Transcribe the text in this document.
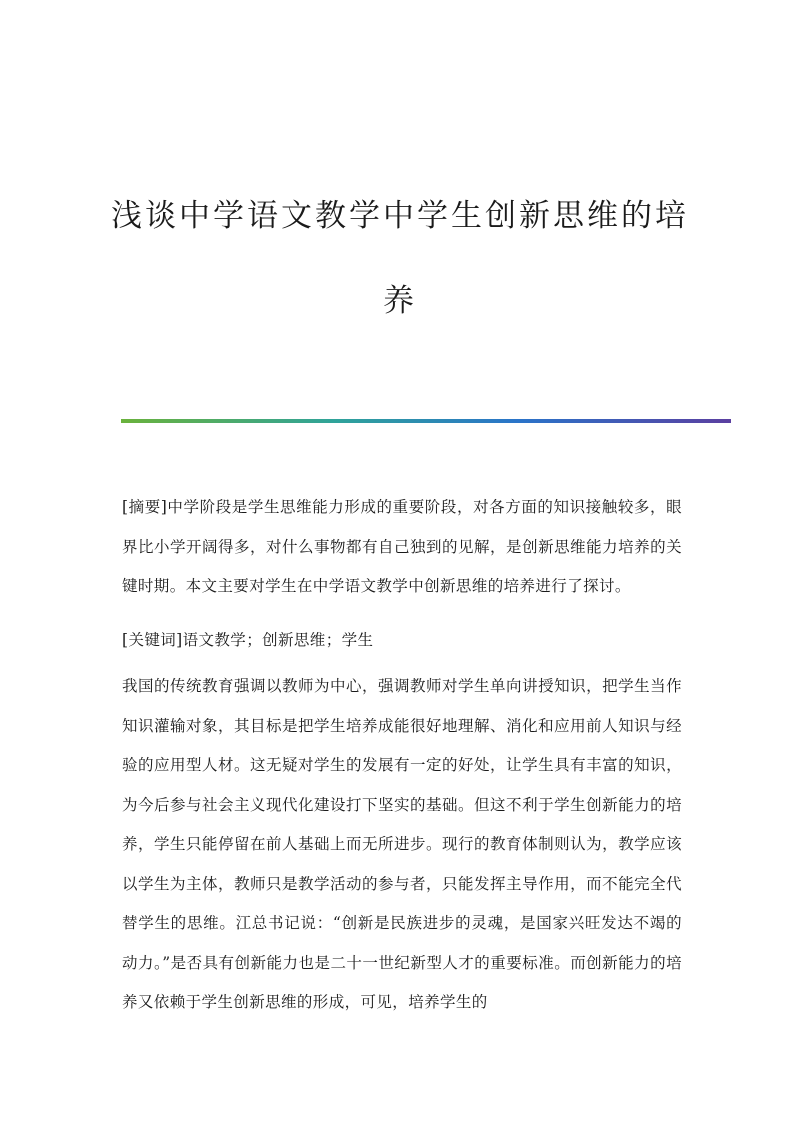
浅谈中学语文教学中学生创新思维的培
养
[摘要]中学阶段是学生思维能力形成的重要阶段，对各方面的知识接触较多，眼界比小学开阔得多，对什么事物都有自己独到的见解，是创新思维能力培养的关键时期。本文主要对学生在中学语文教学中创新思维的培养进行了探讨。
[关键词]语文教学；创新思维；学生
我国的传统教育强调以教师为中心，强调教师对学生单向讲授知识，把学生当作知识灌输对象，其目标是把学生培养成能很好地理解、消化和应用前人知识与经验的应用型人材。这无疑对学生的发展有一定的好处，让学生具有丰富的知识，为今后参与社会主义现代化建设打下坚实的基础。但这不利于学生创新能力的培养，学生只能停留在前人基础上而无所进步。现行的教育体制则认为，教学应该以学生为主体，教师只是教学活动的参与者，只能发挥主导作用，而不能完全代替学生的思维。江总书记说：“创新是民族进步的灵魂，是国家兴旺发达不竭的动力。”是否具有创新能力也是二十一世纪新型人才的重要标准。而创新能力的培养又依赖于学生创新思维的形成，可见，培养学生的
